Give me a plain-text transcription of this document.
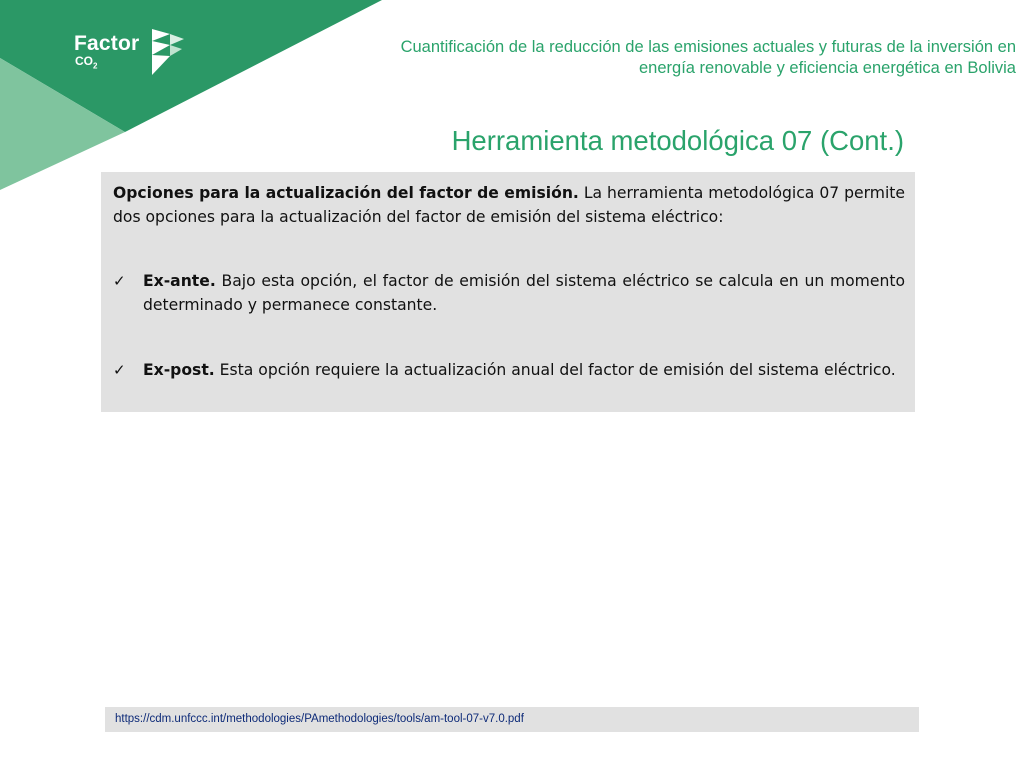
Factor
$CO_2$
Cuantificación de la reducción de las emisiones actuales y futuras de la inversión en
energía renovable y eficiencia energética en Bolivia
Herramienta metodológica 07 (Cont.)

Opciones para la actualización del factor de emisión. La herramienta metodológica 07 permite dos opciones para la actualización del factor de emisión del sistema eléctrico:

✓ Ex-ante. Bajo esta opción, el factor de emisión del sistema eléctrico se calcula en un momento determinado y permanece constante.

✓ Ex-post. Esta opción requiere la actualización anual del factor de emisión del sistema eléctrico.

https://cdm.unfccc.int/methodologies/PAmethodologies/tools/am-tool-07-v7.0.pdf
